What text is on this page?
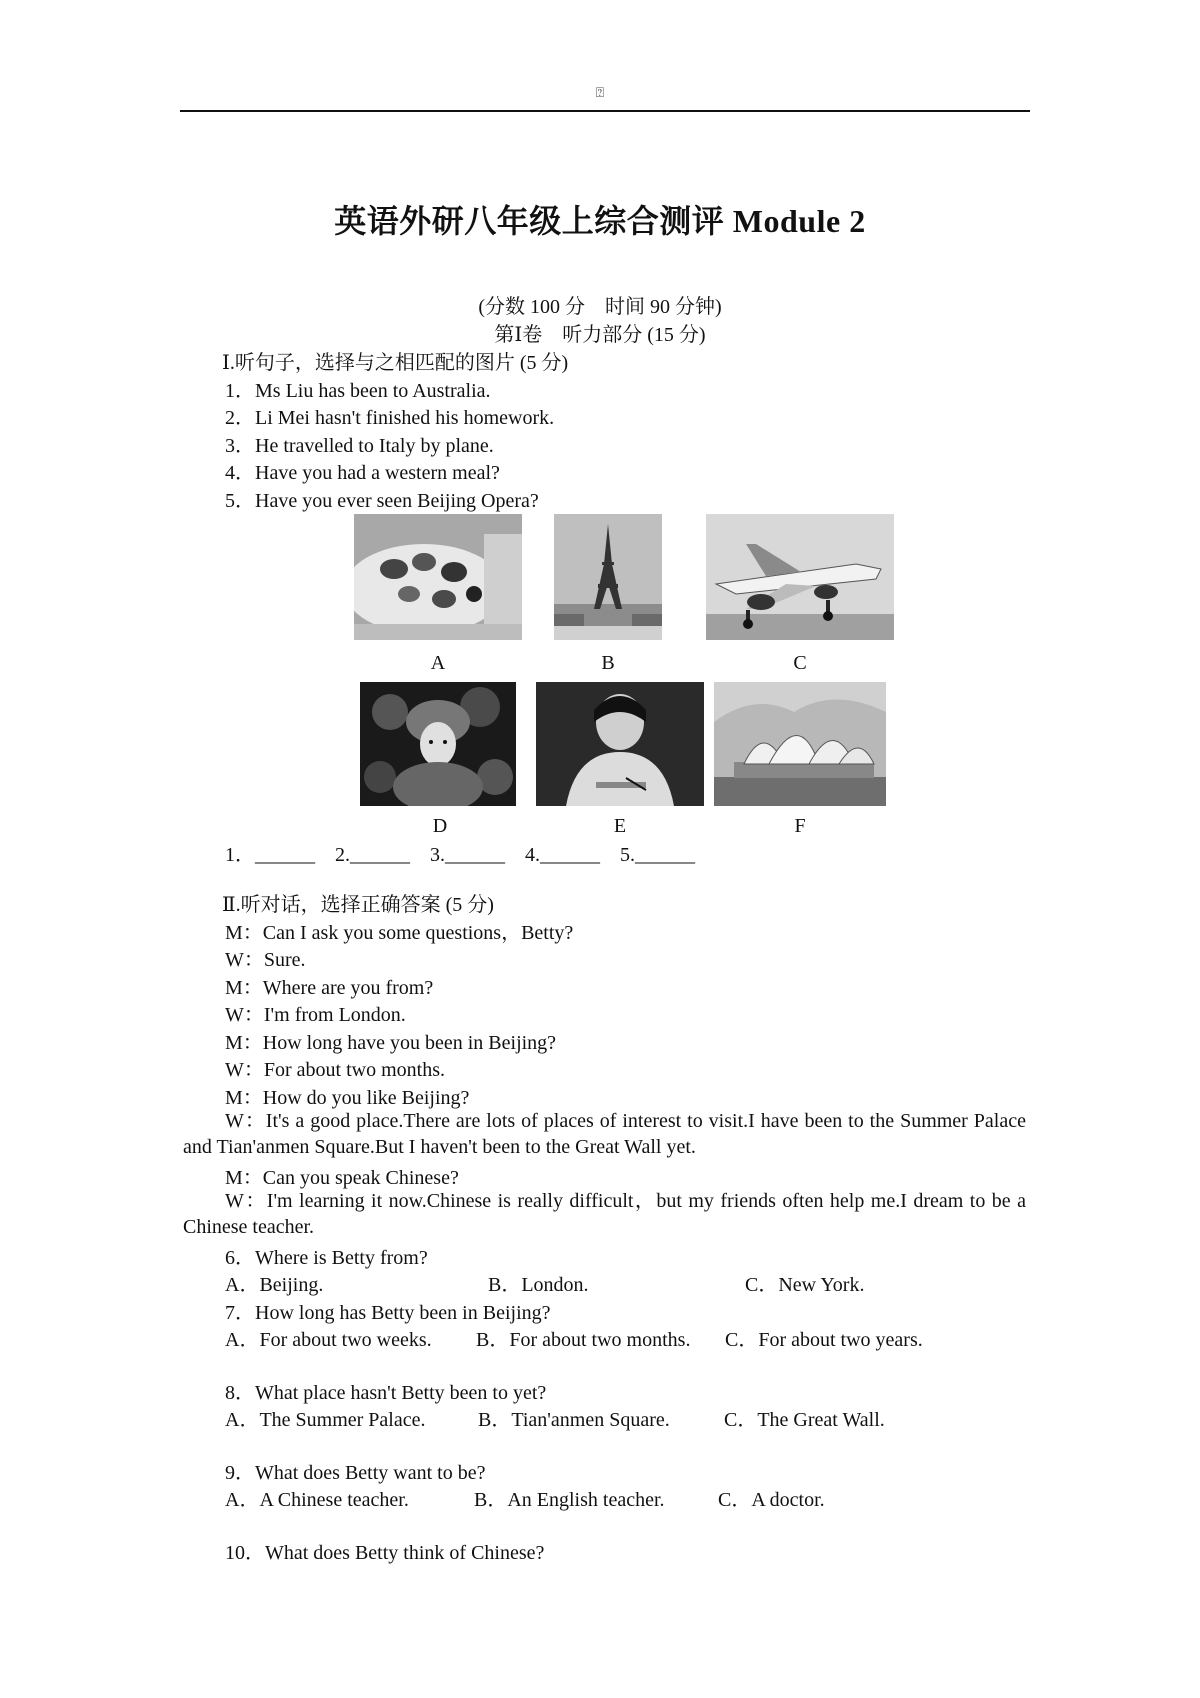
⍰
英语外研八年级上综合测评 Module 2
(分数 100 分　时间 90 分钟)
第Ⅰ卷　听力部分 (15 分)
Ⅰ.听句子，选择与之相匹配的图片 (5 分)
1．Ms Liu has been to Australia.
2．Li Mei hasn't finished his homework.
3．He travelled to Italy by plane.
4．Have you had a western meal?
5．Have you ever seen Beijing Opera?
A	B	C
D	E	F
1．______　2.______　3.______　4.______　5.______
Ⅱ.听对话，选择正确答案 (5 分)
M：Can I ask you some questions，Betty?
W：Sure.
M：Where are you from?
W：I'm from London.
M：How long have you been in Beijing?
W：For about two months.
M：How do you like Beijing?
W：It's a good place.There are lots of places of interest to visit.I have been to the Summer Palace and Tian'anmen Square.But I haven't been to the Great Wall yet.
M：Can you speak Chinese?
W：I'm learning it now.Chinese is really difficult，but my friends often help me.I dream to be a Chinese teacher.
6．Where is Betty from?
A．Beijing.	B．London.	C．New York.
7．How long has Betty been in Beijing?
A．For about two weeks. B．For about two months. C．For about two years.
8．What place hasn't Betty been to yet?
A．The Summer Palace.	B．Tian'anmen Square.	C．The Great Wall.
9．What does Betty want to be?
A．A Chinese teacher.	B．An English teacher.	C．A doctor.
10．What does Betty think of Chinese?
